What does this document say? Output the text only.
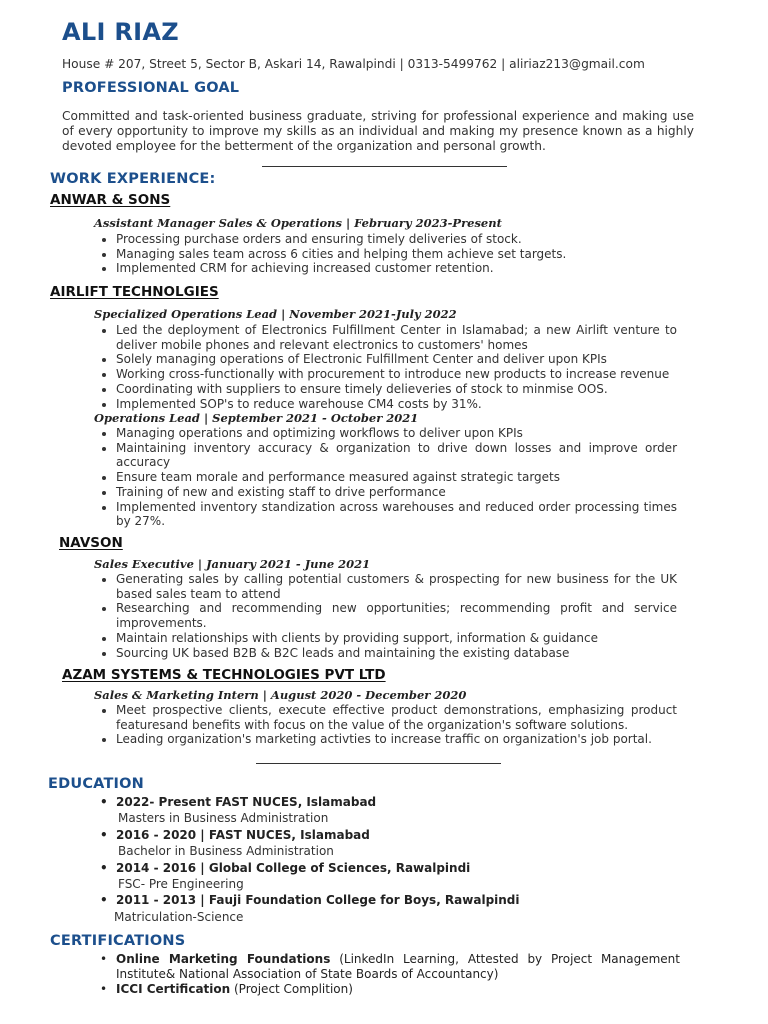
ALI RIAZ
House # 207, Street 5, Sector B, Askari 14, Rawalpindi | 0313-5499762 | aliriaz213@gmail.com
PROFESSIONAL GOAL
Committed and task-oriented business graduate, striving for professional experience and making use of every opportunity to improve my skills as an individual and making my presence known as a highly devoted employee for the betterment of the organization and personal growth.
WORK EXPERIENCE:
ANWAR & SONS
Assistant Manager Sales & Operations | February 2023-Present
• Processing purchase orders and ensuring timely deliveries of stock.
• Managing sales team across 6 cities and helping them achieve set targets.
• Implemented CRM for achieving increased customer retention.
AIRLIFT TECHNOLGIES
Specialized Operations Lead | November 2021-July 2022
• Led the deployment of Electronics Fulfillment Center in Islamabad; a new Airlift venture to deliver mobile phones and relevant electronics to customers' homes
• Solely managing operations of Electronic Fulfillment Center and deliver upon KPIs
• Working cross-functionally with procurement to introduce new products to increase revenue
• Coordinating with suppliers to ensure timely delieveries of stock to minmise OOS.
• Implemented SOP's to reduce warehouse CM4 costs by 31%.
Operations Lead | September 2021 - October 2021
• Managing operations and optimizing workflows to deliver upon KPIs
• Maintaining inventory accuracy & organization to drive down losses and improve order accuracy
• Ensure team morale and performance measured against strategic targets
• Training of new and existing staff to drive performance
• Implemented inventory standization across warehouses and reduced order processing times by 27%.
NAVSON
Sales Executive | January 2021 - June 2021
• Generating sales by calling potential customers & prospecting for new business for the UK based sales team to attend
• Researching and recommending new opportunities; recommending profit and service improvements.
• Maintain relationships with clients by providing support, information & guidance
• Sourcing UK based B2B & B2C leads and maintaining the existing database
AZAM SYSTEMS & TECHNOLOGIES PVT LTD
Sales & Marketing Intern | August 2020 - December 2020
• Meet prospective clients, execute effective product demonstrations, emphasizing product featuresand benefits with focus on the value of the organization's software solutions.
• Leading organization's marketing activties to increase traffic on organization's job portal.
EDUCATION
• 2022- Present FAST NUCES, Islamabad
Masters in Business Administration
• 2016 - 2020 | FAST NUCES, Islamabad
Bachelor in Business Administration
• 2014 - 2016 | Global College of Sciences, Rawalpindi
FSC- Pre Engineering
• 2011 - 2013 | Fauji Foundation College for Boys, Rawalpindi
Matriculation-Science
CERTIFICATIONS
• Online Marketing Foundations (LinkedIn Learning, Attested by Project Management Institute& National Association of State Boards of Accountancy)
• ICCI Certification (Project Complition)
